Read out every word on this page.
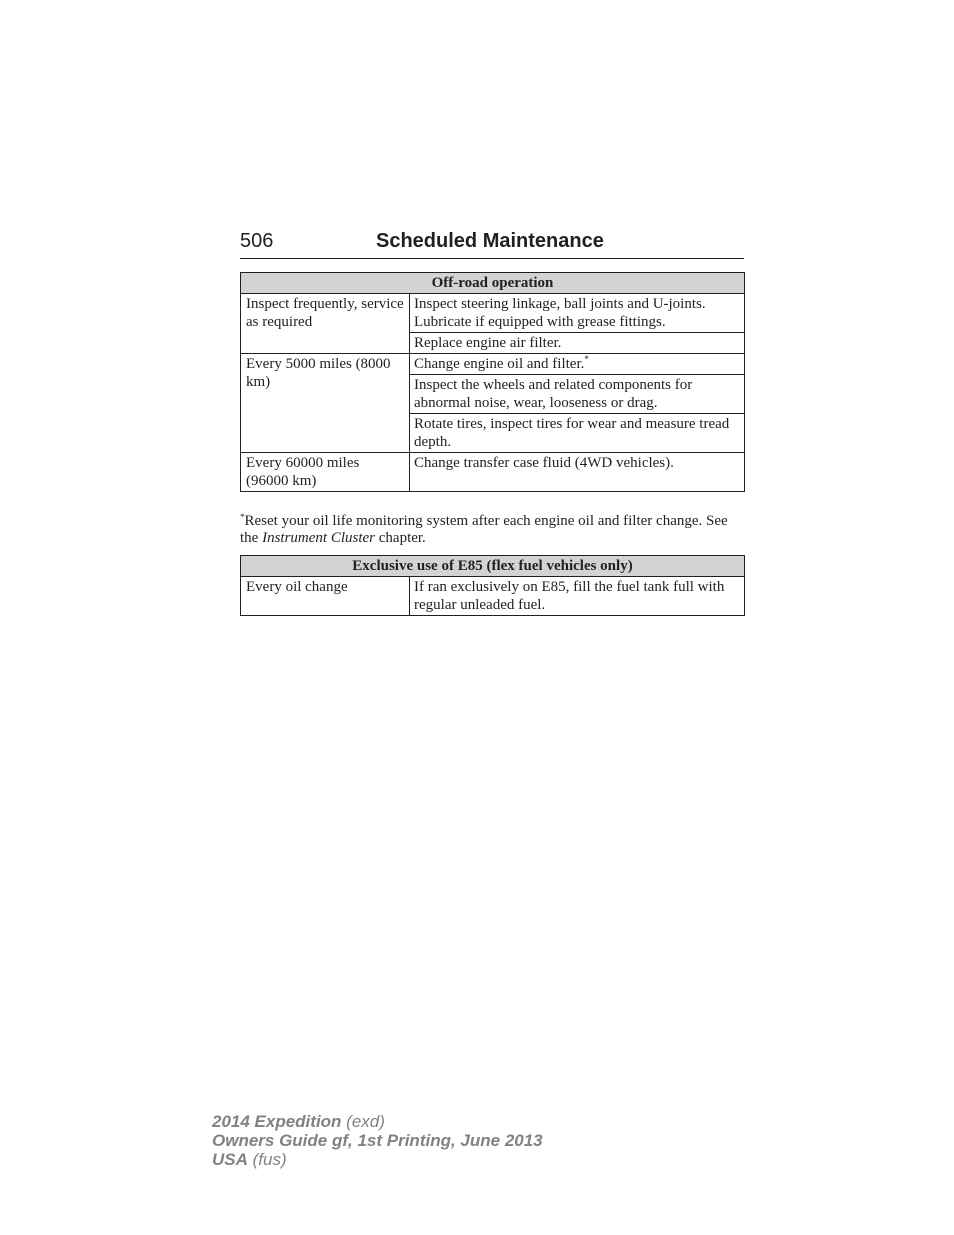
506	Scheduled Maintenance
Off-road operation	
Inspect frequently, service as required	Inspect steering linkage, ball joints and U-joints. Lubricate if equipped with grease fittings.
	Replace engine air filter.
Every 5000 miles (8000 km)	Change engine oil and filter.*
	Inspect the wheels and related components for abnormal noise, wear, looseness or drag.
	Rotate tires, inspect tires for wear and measure tread depth.
Every 60000 miles (96000 km)	Change transfer case fluid (4WD vehicles).
*Reset your oil life monitoring system after each engine oil and filter change. See the Instrument Cluster chapter.
Exclusive use of E85 (flex fuel vehicles only)
Every oil change	If ran exclusively on E85, fill the fuel tank full with regular unleaded fuel.
2014 Expedition (exd)
Owners Guide gf, 1st Printing, June 2013
USA (fus)
